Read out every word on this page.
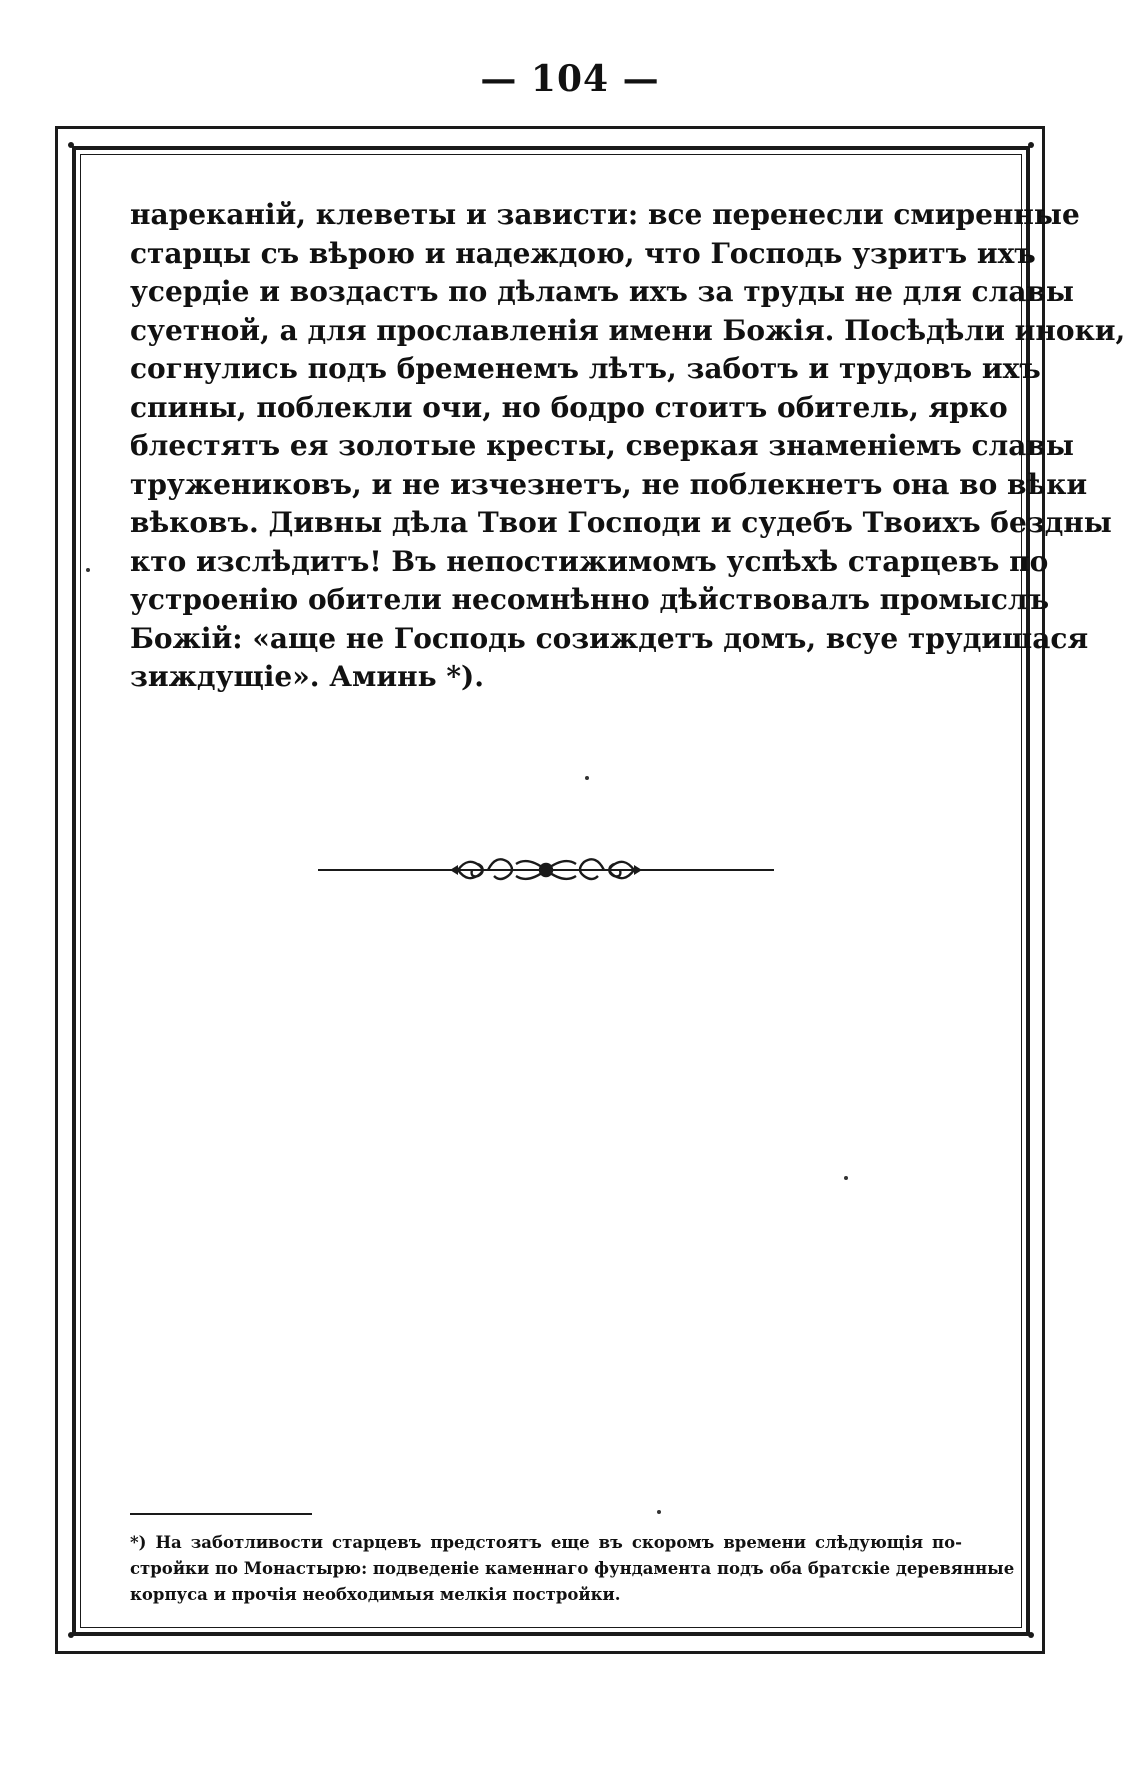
— 104 —
нареканій, клеветы и зависти: все перенесли смиренные
старцы съ вѣрою и надеждою, что Господь узритъ ихъ
усердіе и воздастъ по дѣламъ ихъ за труды не для славы
суетной, а для прославленія имени Божія. Посѣдѣли иноки,
согнулись подъ бременемъ лѣтъ, заботъ и трудовъ ихъ
спины, поблекли очи, но бодро стоитъ обитель, ярко
блестятъ ея золотые кресты, сверкая знаменіемъ славы
тружениковъ, и не изчезнетъ, не поблекнетъ она во вѣки
вѣковъ. Дивны дѣла Твои Господи и судебъ Твоихъ бездны
кто изслѣдитъ! Въ непостижимомъ успѣхѣ старцевъ по
устроенію обители несомнѣнно дѣйствовалъ промыслъ
Божій: «аще не Господь созиждетъ домъ, всуе трудишася
зиждущіе». Аминь *).
*) На заботливости старцевъ предстоятъ еще въ скоромъ времени слѣдующія по-
стройки по Монастырю: подведеніе каменнаго фундамента подъ оба братскіе деревянные
корпуса и прочія необходимыя мелкія постройки.
